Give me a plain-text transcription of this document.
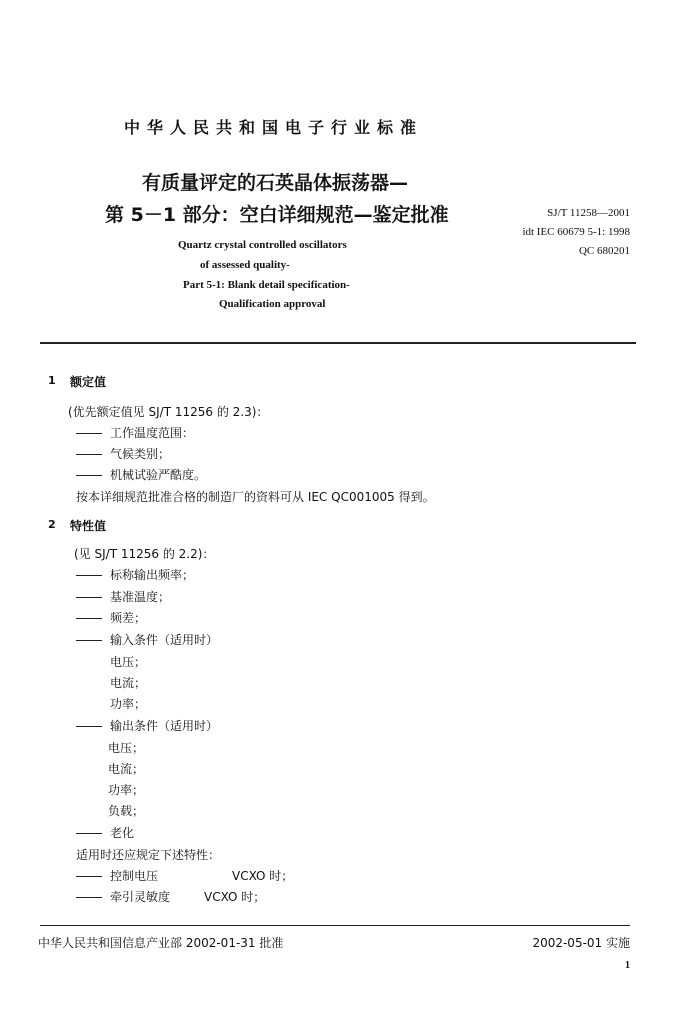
中华人民共和国电子行业标准
有质量评定的石英晶体振荡器—
第 5－1 部分：空白详细规范—鉴定批准
Quartz crystal controlled oscillators
of assessed quality-
Part 5-1: Blank detail specification-
Qualification approval
SJ/T 11258—2001
idt IEC 60679 5-1: 1998
QC 680201
1 额定值
(优先额定值见 SJ/T 11256 的 2.3)：
工作温度范围：
气候类别；
机械试验严酷度。
按本详细规范批准合格的制造厂的资料可从 IEC QC001005 得到。
2 特性值
(见 SJ/T 11256 的 2.2)：
标称输出频率；
基准温度；
频差；
输入条件（适用时）
电压；
电流；
功率；
输出条件（适用时）
电压；
电流；
功率；
负载；
老化
适用时还应规定下述特性：
控制电压	VCXO 时；
牵引灵敏度	VCXO 时；
中华人民共和国信息产业部 2002-01-31 批准	2002-05-01 实施
1
